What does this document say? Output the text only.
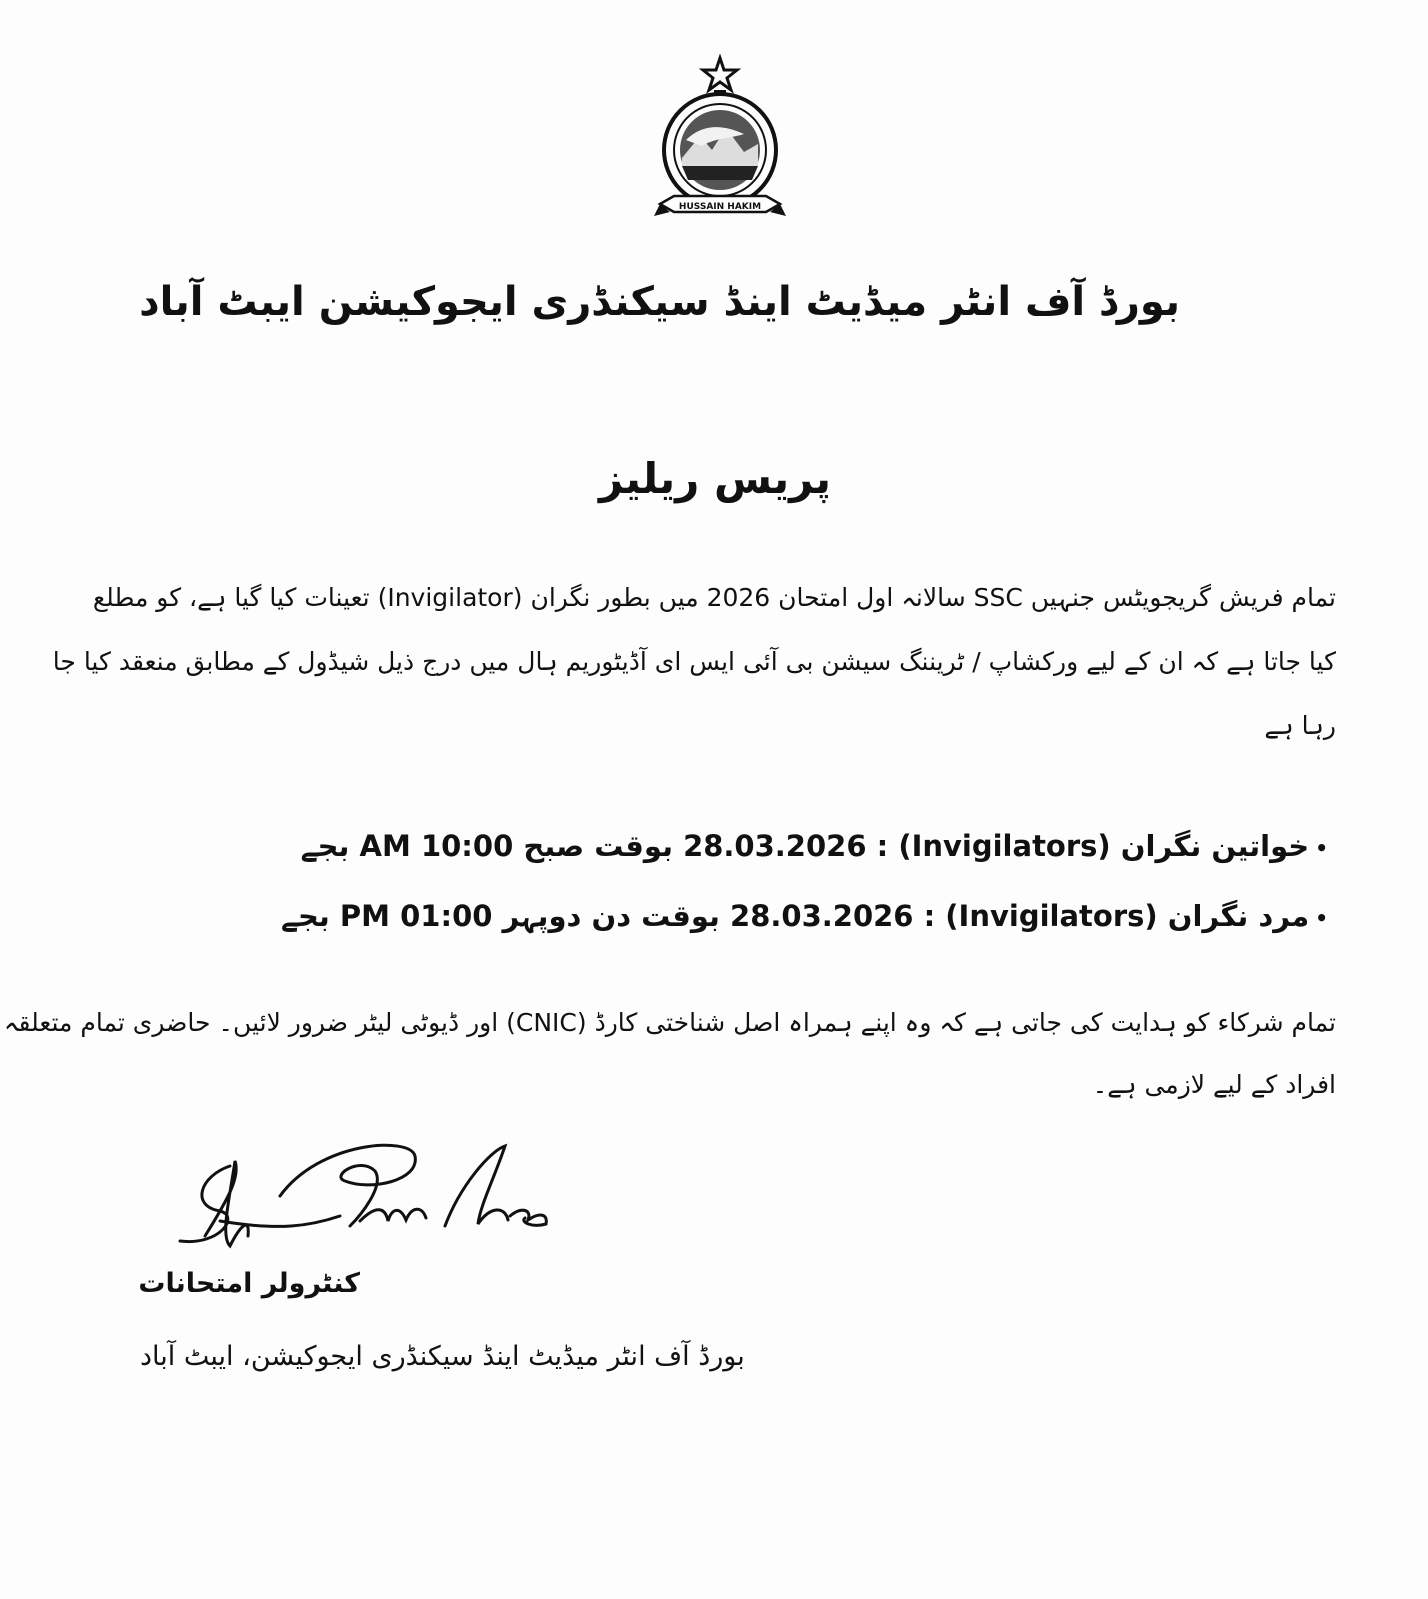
HUSSAIN HAKIM
بورڈ آف انٹر میڈیٹ اینڈ سیکنڈری ایجوکیشن ایبٹ آباد
پریس ریلیز
تمام فریش گریجویٹس جنہیں SSC سالانہ اول امتحان 2026 میں بطور نگران (Invigilator) تعینات کیا گیا ہے، کو مطلع
کیا جاتا ہے کہ ان کے لیے ورکشاپ / ٹریننگ سیشن بی آئی ایس ای آڈیٹوریم ہال میں درج ذیل شیڈول کے مطابق منعقد کیا جا
رہا ہے
•خواتین نگران (Invigilators) : 28.03.2026 بوقت صبح 10:00 AM بجے
•مرد نگران (Invigilators) : 28.03.2026 بوقت دن دوپہر 01:00 PM بجے
تمام شرکاء کو ہدایت کی جاتی ہے کہ وہ اپنے ہمراہ اصل شناختی کارڈ (CNIC) اور ڈیوٹی لیٹر ضرور لائیں۔ حاضری تمام متعلقہ
افراد کے لیے لازمی ہے۔
کنٹرولر امتحانات
بورڈ آف انٹر میڈیٹ اینڈ سیکنڈری ایجوکیشن، ایبٹ آباد
